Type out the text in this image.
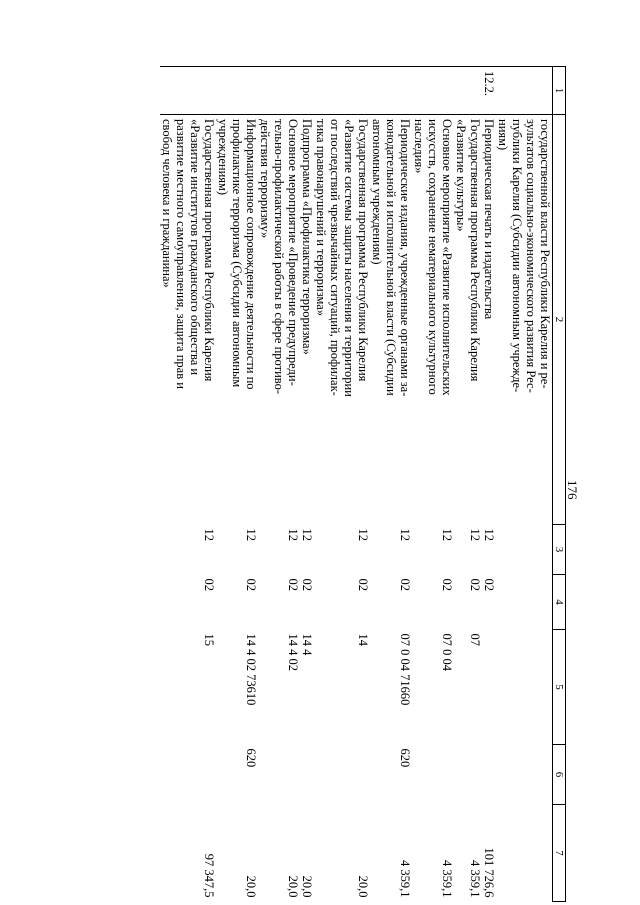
176
1	2	3	4	5	6	7

	государственной власти Республики Карелия и ре-
зультатов социально-экономического развития Рес-
публики Карелия (Субсидии автономным учрежде-
ниям)					

12.2.	Периодическая печать и издательства	12	02			101 726,6

	Государственная программа Республики Карелия
«Развитие культуры»	12	02	07		4 359,1

	Основное мероприятие «Развитие исполнительских
искусств, сохранение нематериального культурного
наследия»	12	02	07 0 04		4 359,1

	Периодические издания, учрежденные органами за-
конодательной и исполнительной власти (Субсидии
автономным учреждениям)	12	02	07 0 04 71660	620	4 359,1

	Государственная программа Республики Карелия
«Развитие системы защиты населения и территории
от последствий чрезвычайных ситуаций, профилак-
тика правонарушений и терроризма»	12	02	14		20,0

	Подпрограмма «Профилактика терроризма»	12	02	14 4		20,0

	Основное мероприятие «Проведение предупреди-
тельно-профилактической работы в сфере противо-
действия терроризму»	12	02	14 4 02		20,0

	Информационное сопровождение деятельности по
профилактике терроризма (Субсидии автономным
учреждениям)	12	02	14 4 02 73610	620	20,0

	Государственная программа Республики Карелия
«Развитие институтов гражданского общества и
развитие местного самоуправления, защита прав и
свобод человека и гражданина»	12	02	15		97 347,5
